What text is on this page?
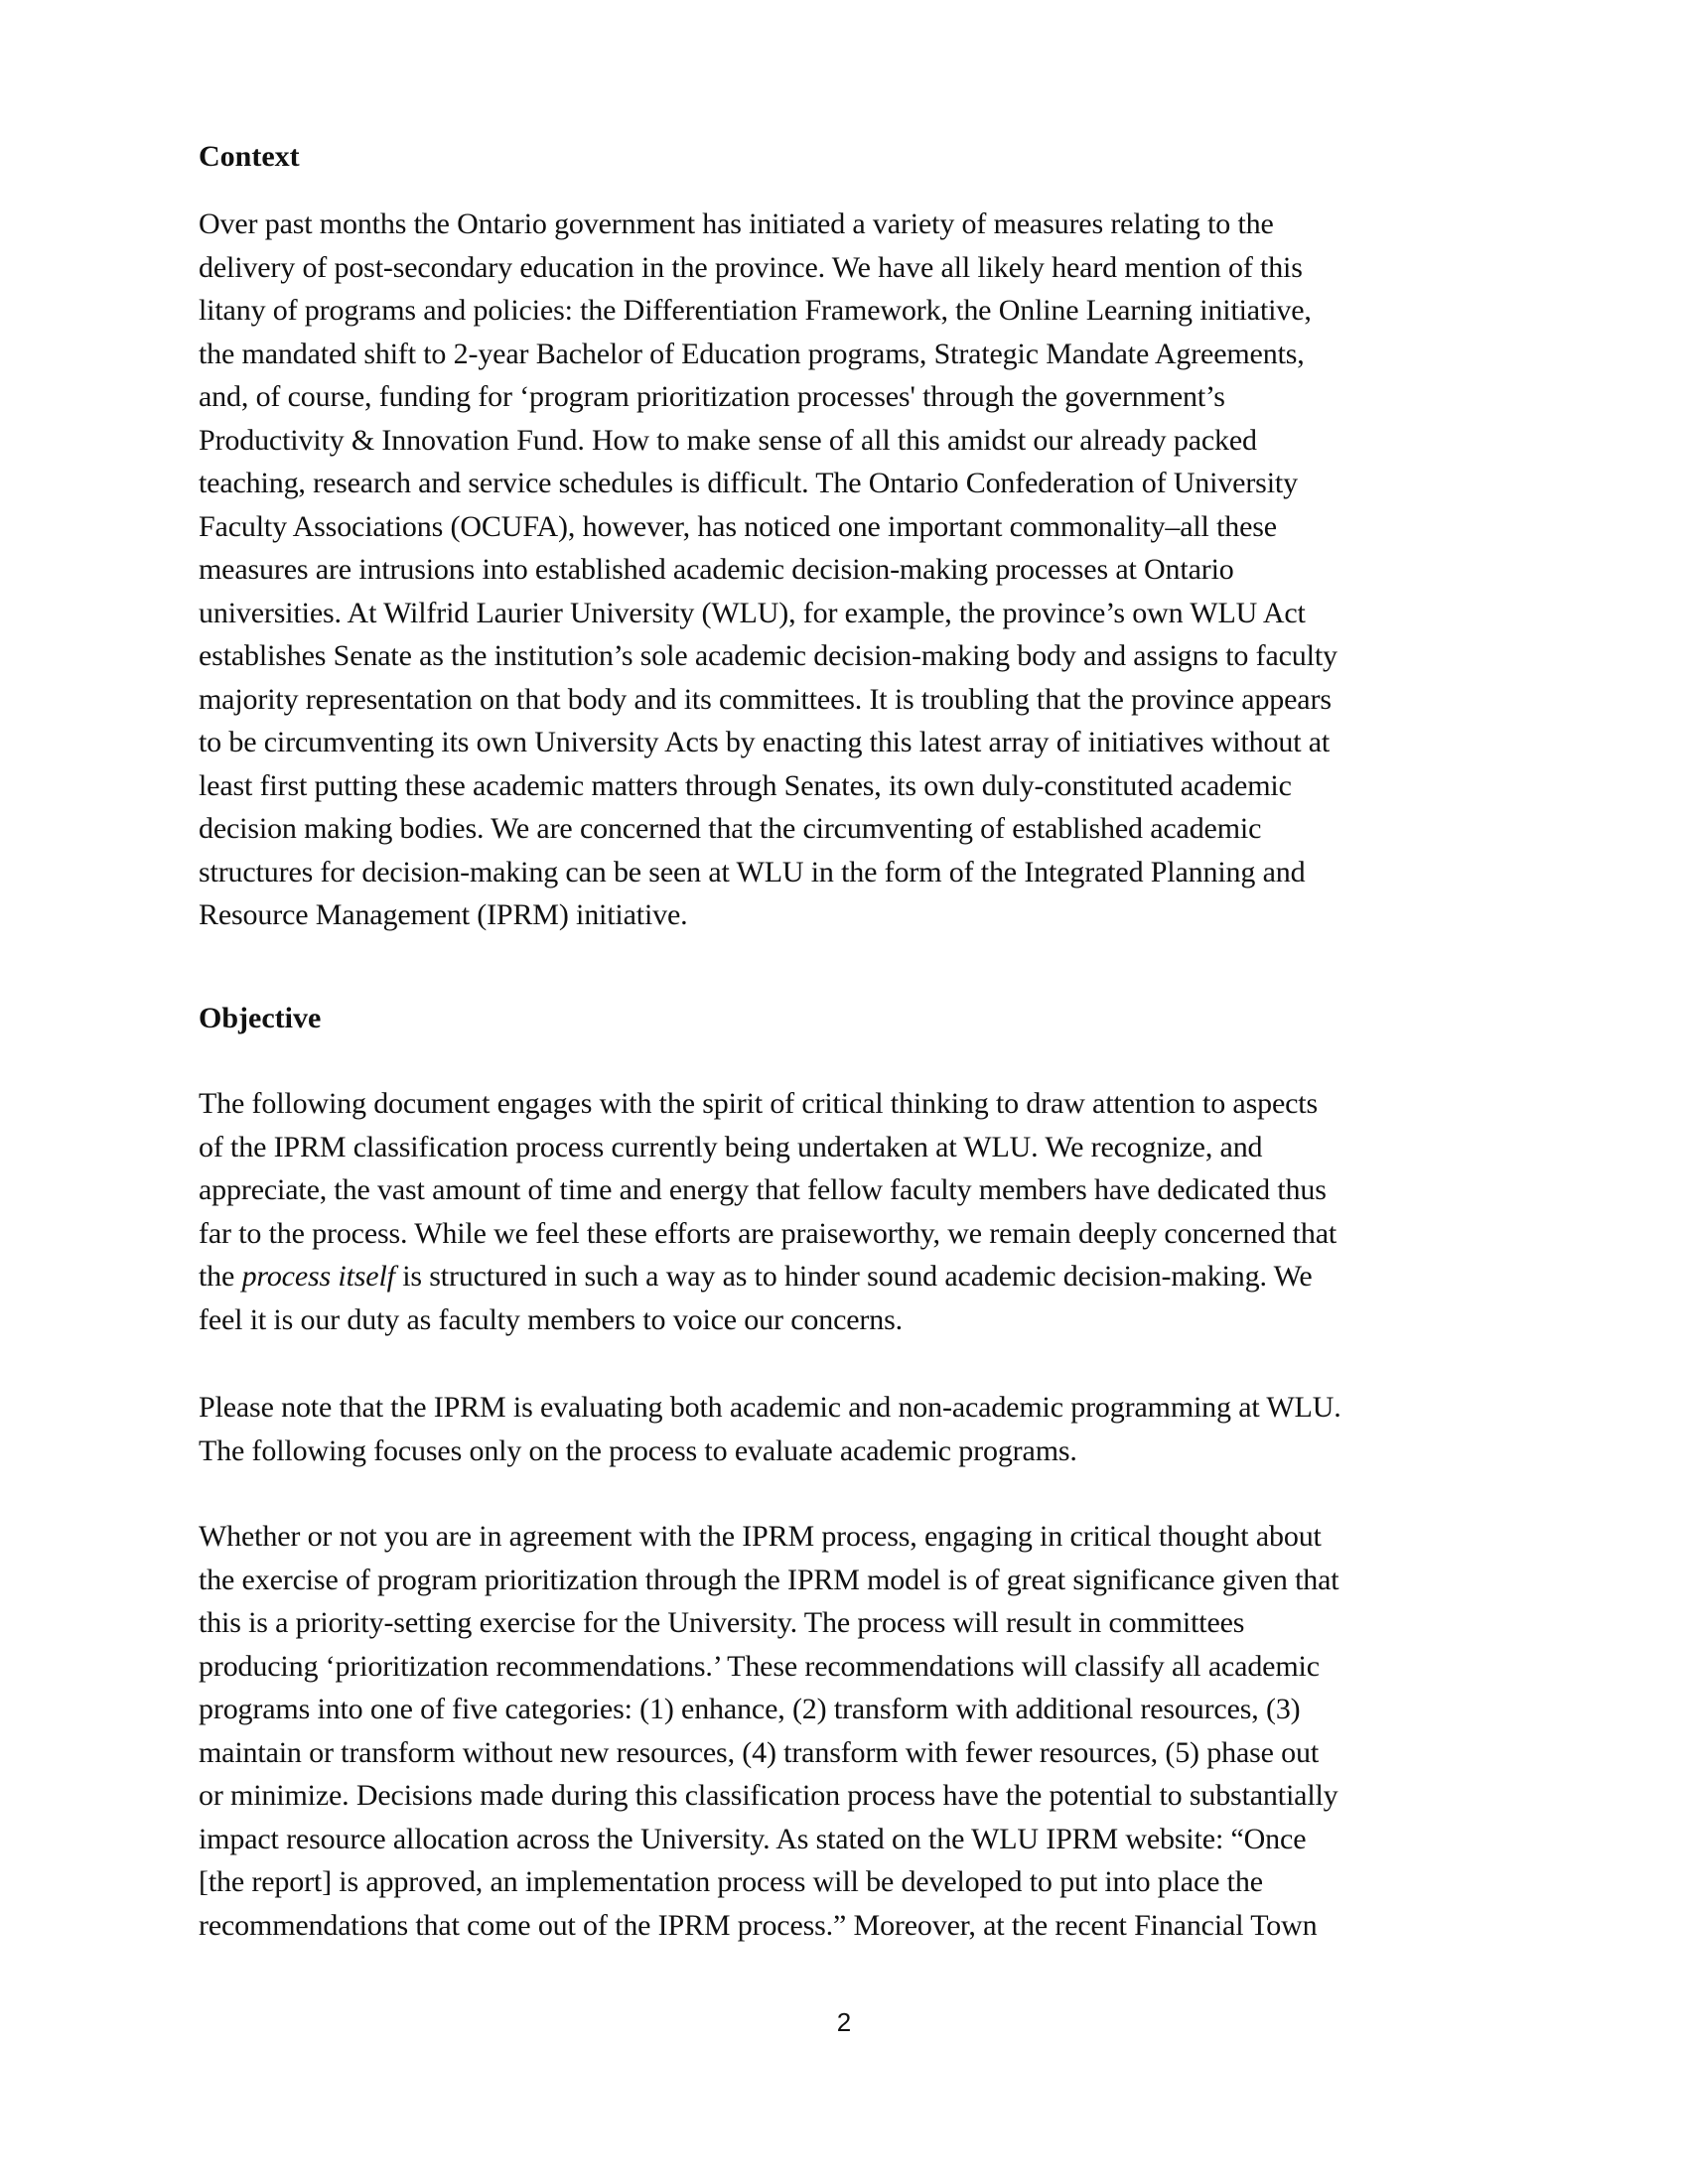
Context
Over past months the Ontario government has initiated a variety of measures relating to the
delivery of post-secondary education in the province. We have all likely heard mention of this
litany of programs and policies: the Differentiation Framework, the Online Learning initiative,
the mandated shift to 2-year Bachelor of Education programs, Strategic Mandate Agreements,
and, of course, funding for ‘program prioritization processes' through the government’s
Productivity & Innovation Fund. How to make sense of all this amidst our already packed
teaching, research and service schedules is difficult. The Ontario Confederation of University
Faculty Associations (OCUFA), however, has noticed one important commonality–all these
measures are intrusions into established academic decision-making processes at Ontario
universities. At Wilfrid Laurier University (WLU), for example, the province’s own WLU Act
establishes Senate as the institution’s sole academic decision-making body and assigns to faculty
majority representation on that body and its committees. It is troubling that the province appears
to be circumventing its own University Acts by enacting this latest array of initiatives without at
least first putting these academic matters through Senates, its own duly-constituted academic
decision making bodies. We are concerned that the circumventing of established academic
structures for decision-making can be seen at WLU in the form of the Integrated Planning and
Resource Management (IPRM) initiative.
Objective
The following document engages with the spirit of critical thinking to draw attention to aspects
of the IPRM classification process currently being undertaken at WLU. We recognize, and
appreciate, the vast amount of time and energy that fellow faculty members have dedicated thus
far to the process. While we feel these efforts are praiseworthy, we remain deeply concerned that
the process itself is structured in such a way as to hinder sound academic decision-making. We
feel it is our duty as faculty members to voice our concerns.
Please note that the IPRM is evaluating both academic and non-academic programming at WLU.
The following focuses only on the process to evaluate academic programs.
Whether or not you are in agreement with the IPRM process, engaging in critical thought about
the exercise of program prioritization through the IPRM model is of great significance given that
this is a priority-setting exercise for the University. The process will result in committees
producing ‘prioritization recommendations.’ These recommendations will classify all academic
programs into one of five categories: (1) enhance, (2) transform with additional resources, (3)
maintain or transform without new resources, (4) transform with fewer resources, (5) phase out
or minimize. Decisions made during this classification process have the potential to substantially
impact resource allocation across the University. As stated on the WLU IPRM website: “Once
[the report] is approved, an implementation process will be developed to put into place the
recommendations that come out of the IPRM process.” Moreover, at the recent Financial Town
2
